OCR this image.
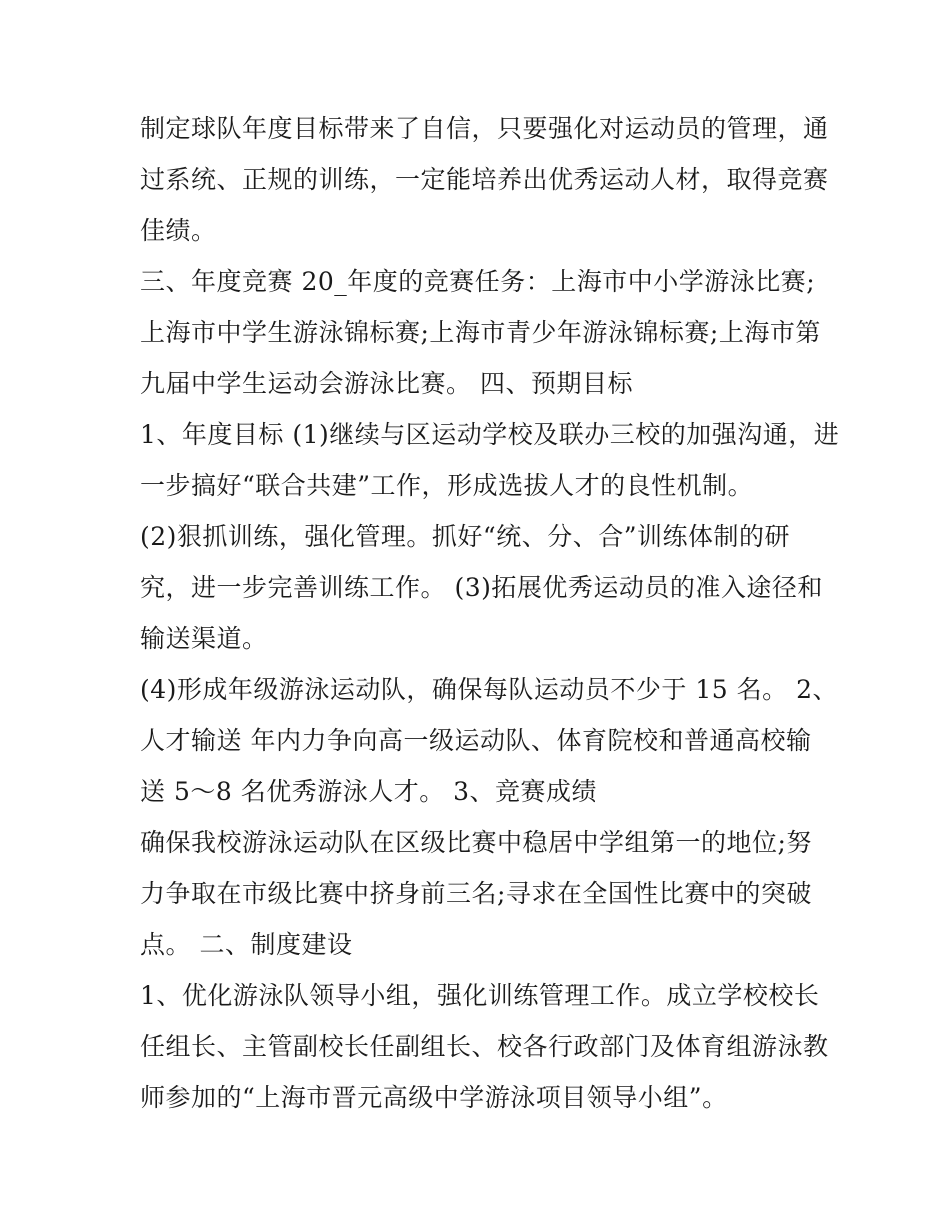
制定球队年度目标带来了自信，只要强化对运动员的管理，通
过系统、正规的训练，一定能培养出优秀运动人材，取得竞赛
佳绩。
三、年度竞赛 20_年度的竞赛任务：上海市中小学游泳比赛;
上海市中学生游泳锦标赛;上海市青少年游泳锦标赛;上海市第
九届中学生运动会游泳比赛。 四、预期目标
1、年度目标 (1)继续与区运动学校及联办三校的加强沟通，进
一步搞好“联合共建”工作，形成选拔人才的良性机制。
(2)狠抓训练，强化管理。抓好“统、分、合”训练体制的研
究，进一步完善训练工作。 (3)拓展优秀运动员的准入途径和
输送渠道。
(4)形成年级游泳运动队，确保每队运动员不少于 15 名。 2、
人才输送 年内力争向高一级运动队、体育院校和普通高校输
送 5～8 名优秀游泳人才。 3、竞赛成绩
确保我校游泳运动队在区级比赛中稳居中学组第一的地位;努
力争取在市级比赛中挤身前三名;寻求在全国性比赛中的突破
点。 二、制度建设
1、优化游泳队领导小组，强化训练管理工作。成立学校校长
任组长、主管副校长任副组长、校各行政部门及体育组游泳教
师参加的“上海市晋元高级中学游泳项目领导小组”。
